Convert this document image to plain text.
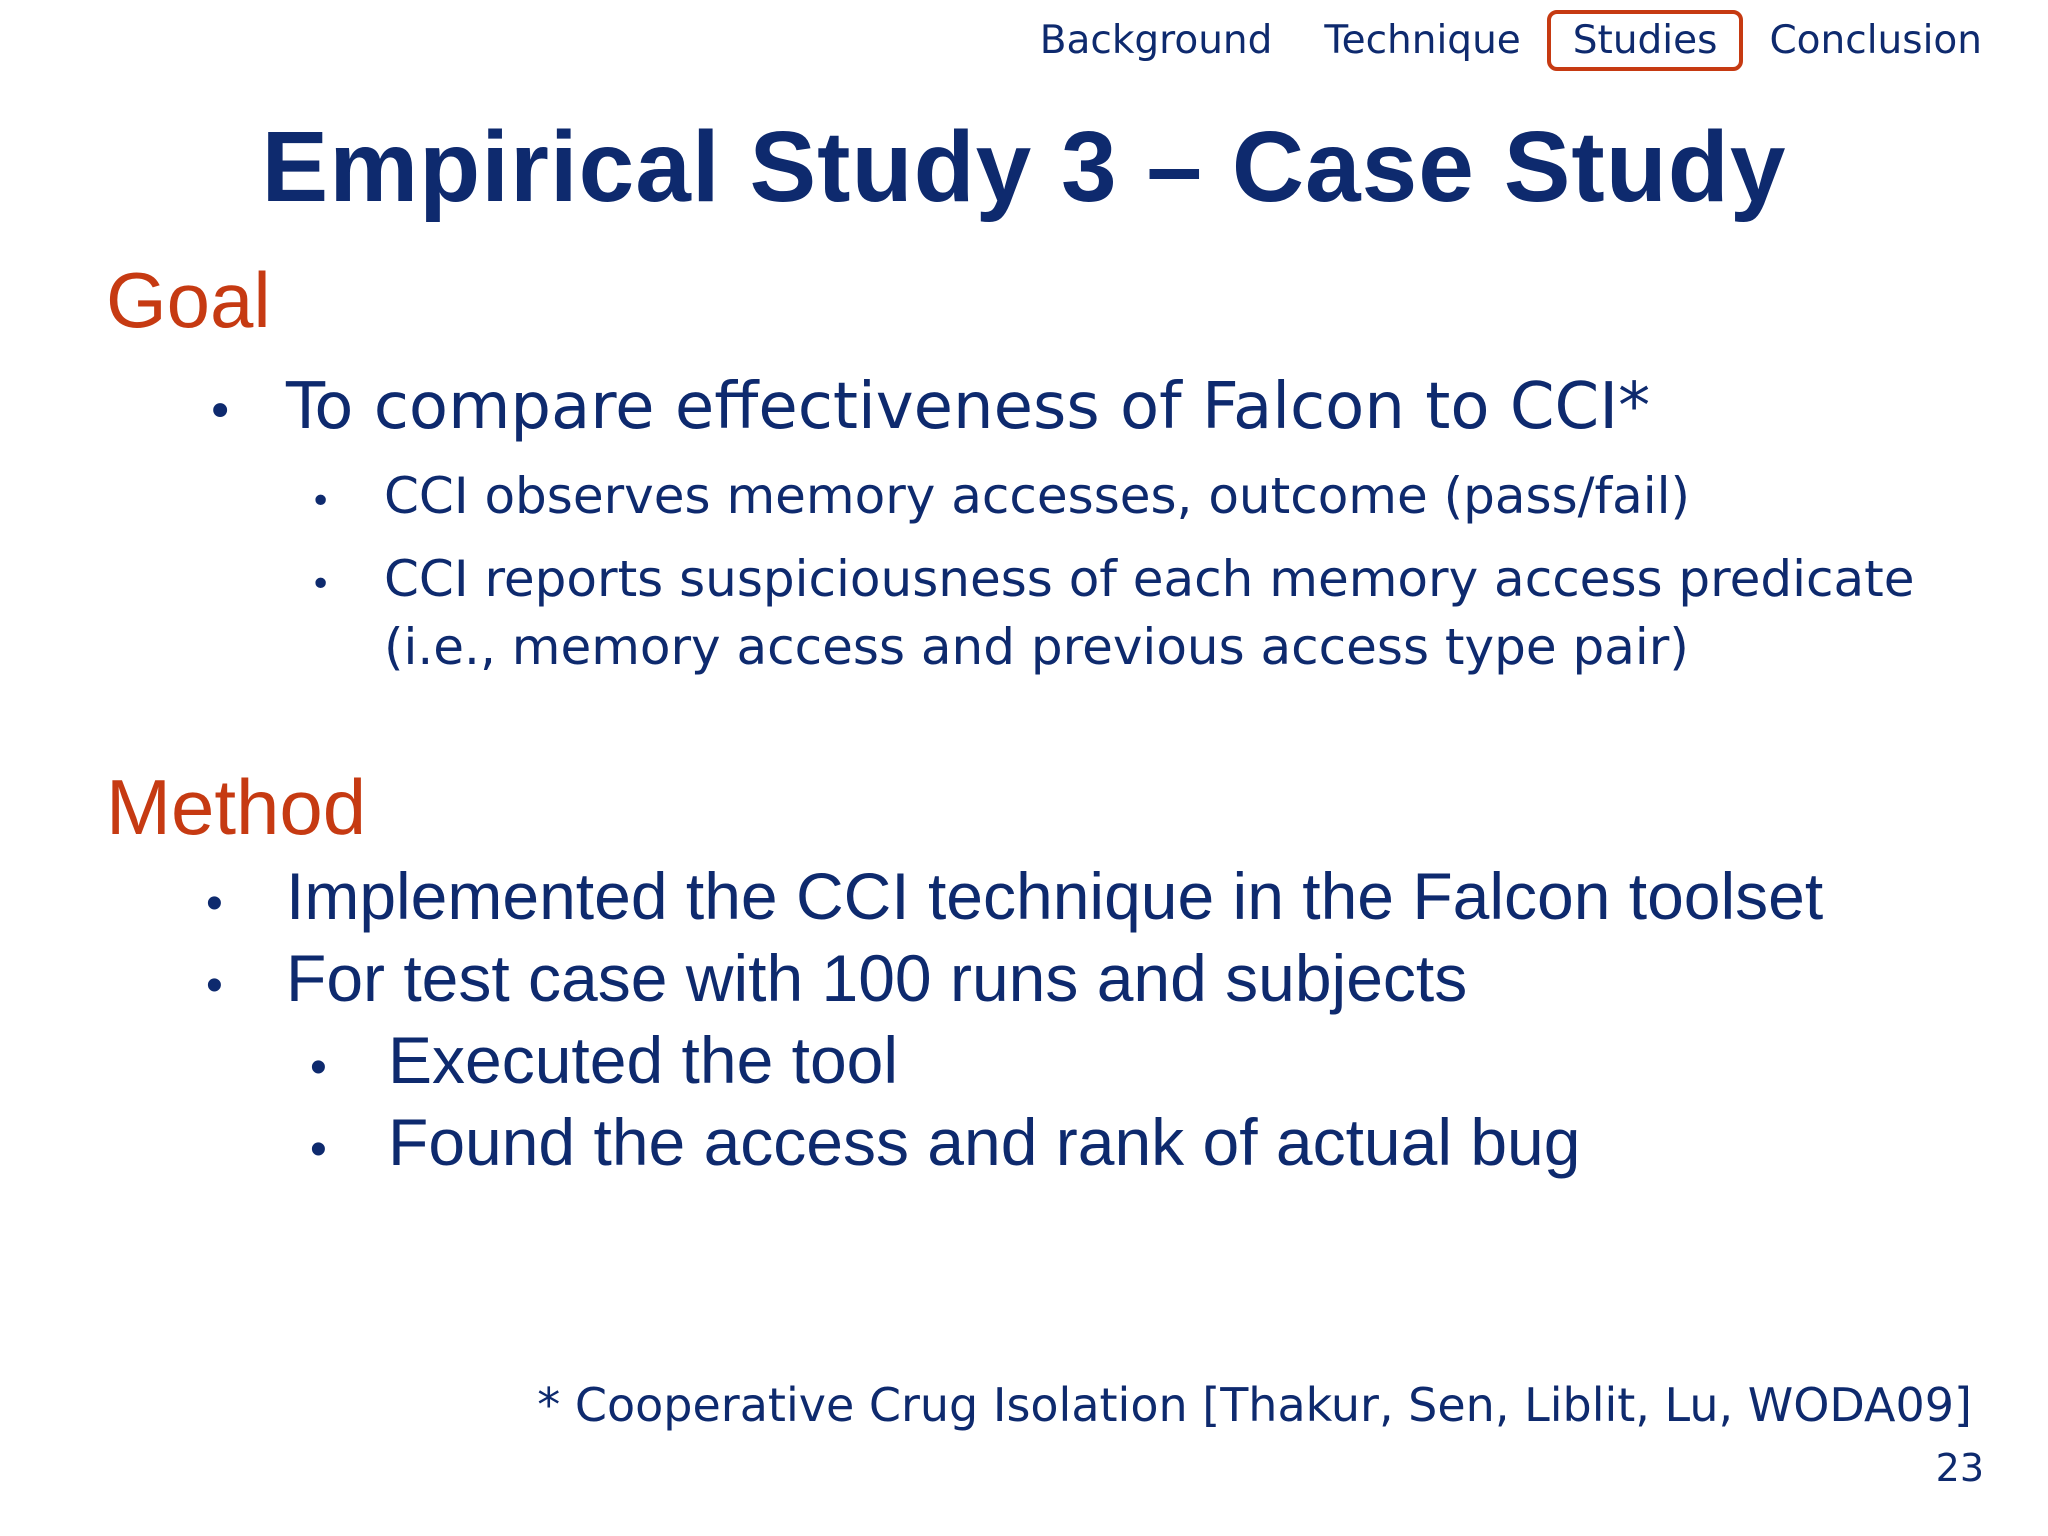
Background	Technique	Studies	Conclusion
Empirical Study 3 – Case Study
Goal
• To compare effectiveness of Falcon to CCI*
•	CCI observes memory accesses, outcome (pass/fail)
•	CCI reports suspiciousness of each memory access predicate (i.e., memory access and previous access type pair)
Method
• Implemented the CCI technique in the Falcon toolset
• For test case with 100 runs and subjects
• Executed the tool
• Found the access and rank of actual bug
* Cooperative Crug Isolation [Thakur, Sen, Liblit, Lu, WODA09]
23
